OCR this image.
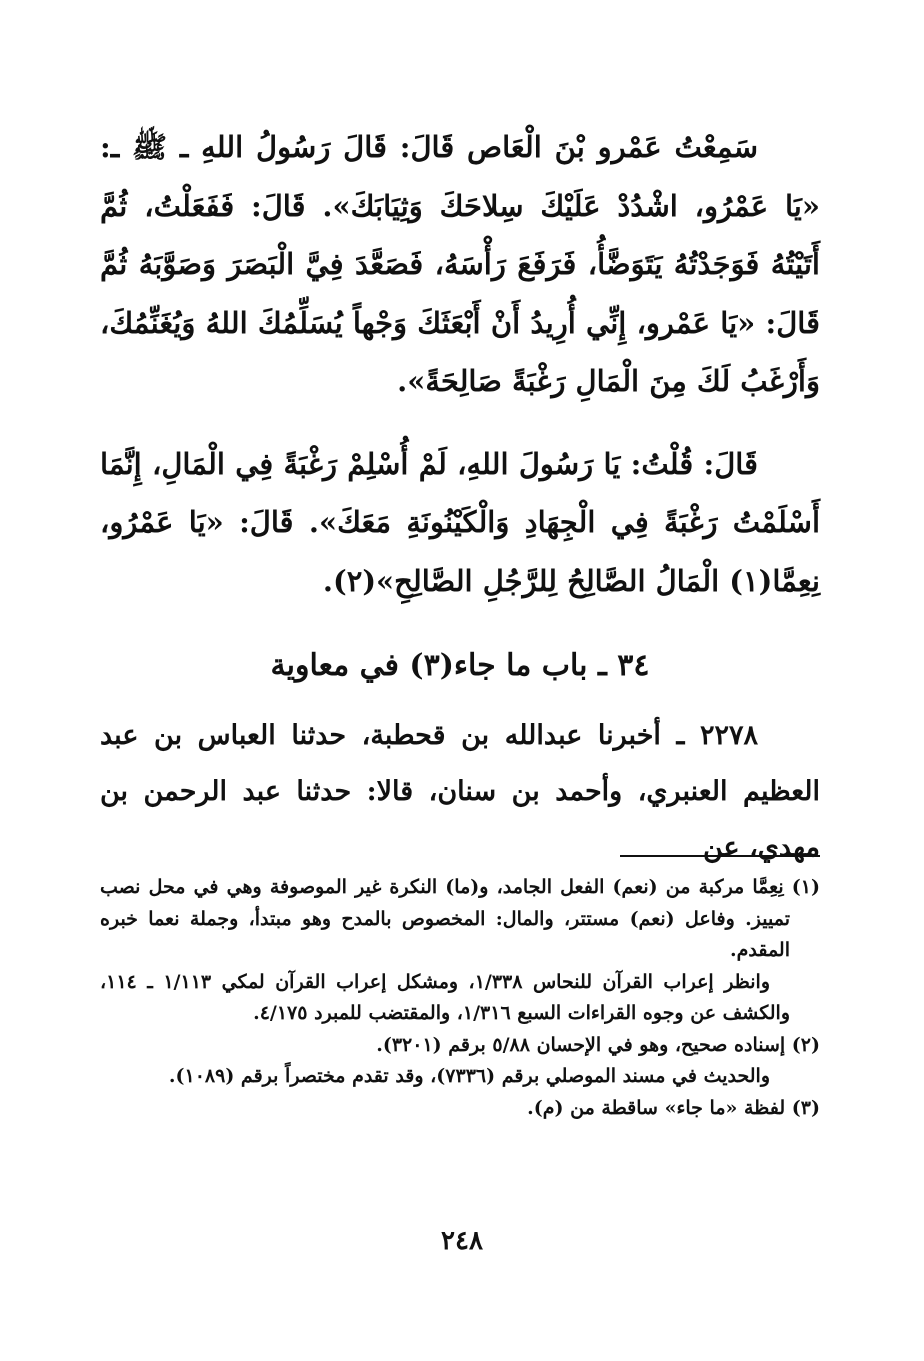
سَمِعْتُ عَمْرو بْنَ الْعَاص قَالَ: قَالَ رَسُولُ اللهِ ـ ﷺ ـ: «يَا عَمْرُو، اشْدُدْ عَلَيْكَ سِلاحَكَ وَثِيَابَكَ». قَالَ: فَفَعَلْتُ، ثُمَّ أَتَيْتُهُ فَوَجَدْتُهُ يَتَوَضَّأُ، فَرَفَعَ رَأْسَهُ، فَصَعَّدَ فِيَّ الْبَصَرَ وَصَوَّبَهُ ثُمَّ قَالَ: «يَا عَمْرو، إِنِّي أُرِيدُ أَنْ أَبْعَثَكَ وَجْهاً يُسَلِّمُكَ اللهُ وَيُغَنِّمُكَ، وَأَرْغَبُ لَكَ مِنَ الْمَالِ رَغْبَةً صَالِحَةً».

قَالَ: قُلْتُ: يَا رَسُولَ اللهِ، لَمْ أُسْلِمْ رَغْبَةً فِي الْمَالِ، إِنَّمَا أَسْلَمْتُ رَغْبَةً فِي الْجِهَادِ وَالْكَيْنُونَةِ مَعَكَ». قَالَ: «يَا عَمْرُو، نِعِمَّا(١) الْمَالُ الصَّالِحُ لِلرَّجُلِ الصَّالِحِ»(٢).

٣٤ ـ باب ما جاء(٣) في معاوية

٢٢٧٨ ـ أخبرنا عبدالله بن قحطبة، حدثنا العباس بن عبد العظيم العنبري، وأحمد بن سنان، قالا: حدثنا عبد الرحمن بن مهدي، عن

(١) نِعِمَّا مركبة من (نعم) الفعل الجامد، و(ما) النكرة غير الموصوفة وهي في محل نصب تمييز. وفاعل (نعم) مستتر، والمال: المخصوص بالمدح وهو مبتدأ، وجملة نعما خبره المقدم.

وانظر إعراب القرآن للنحاس ١/٣٣٨، ومشكل إعراب القرآن لمكي ١/١١٣ ـ ١١٤، والكشف عن وجوه القراءات السبع ١/٣١٦، والمقتضب للمبرد ٤/١٧٥.

(٢) إسناده صحيح، وهو في الإحسان ٥/٨٨ برقم (٣٢٠١).

والحديث في مسند الموصلي برقم (٧٣٣٦)، وقد تقدم مختصراً برقم (١٠٨٩).

(٣) لفظة «ما جاء» ساقطة من (م).

٢٤٨
